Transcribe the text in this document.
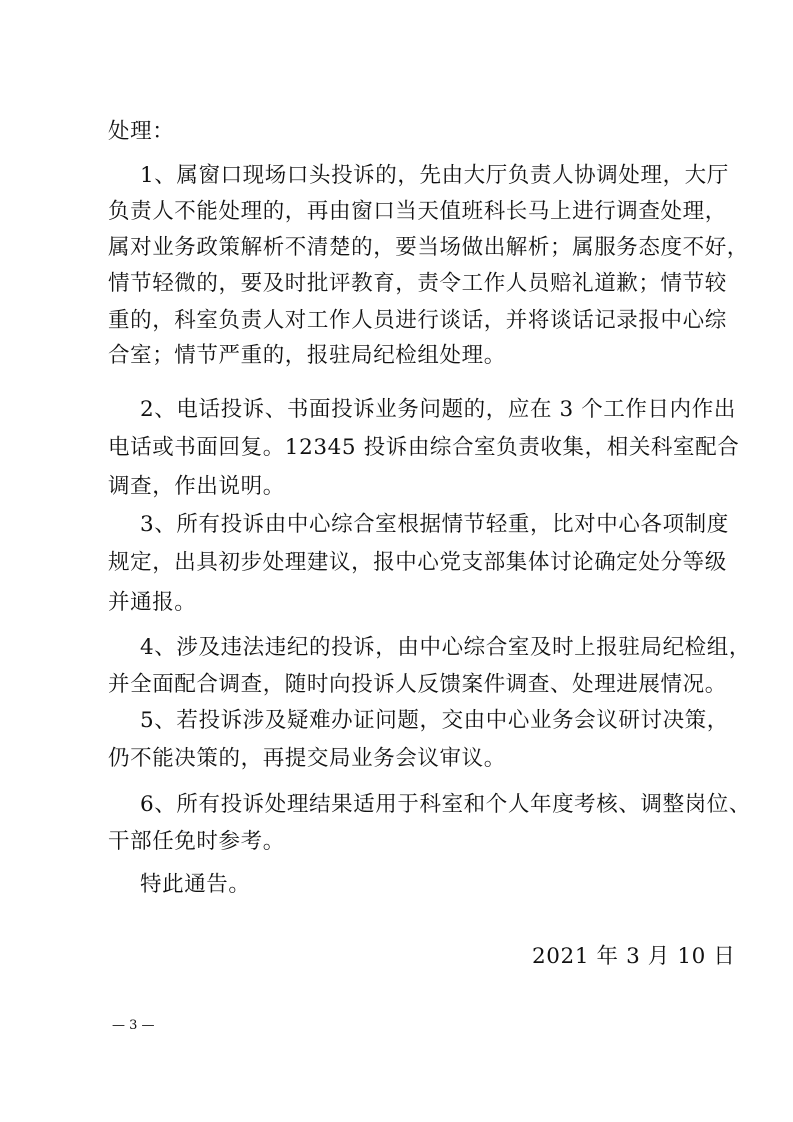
处理：
1、属窗口现场口头投诉的，先由大厅负责人协调处理，大厅
负责人不能处理的，再由窗口当天值班科长马上进行调查处理，
属对业务政策解析不清楚的，要当场做出解析；属服务态度不好，
情节轻微的，要及时批评教育，责令工作人员赔礼道歉；情节较
重的，科室负责人对工作人员进行谈话，并将谈话记录报中心综
合室；情节严重的，报驻局纪检组处理。
2、电话投诉、书面投诉业务问题的，应在 3 个工作日内作出
电话或书面回复。12345 投诉由综合室负责收集，相关科室配合
调查，作出说明。
3、所有投诉由中心综合室根据情节轻重，比对中心各项制度
规定，出具初步处理建议，报中心党支部集体讨论确定处分等级
并通报。
4、涉及违法违纪的投诉，由中心综合室及时上报驻局纪检组，
并全面配合调查，随时向投诉人反馈案件调查、处理进展情况。
5、若投诉涉及疑难办证问题，交由中心业务会议研讨决策，
仍不能决策的，再提交局业务会议审议。
6、所有投诉处理结果适用于科室和个人年度考核、调整岗位、
干部任免时参考。
特此通告。
2021 年 3 月 10 日
— 3 —
